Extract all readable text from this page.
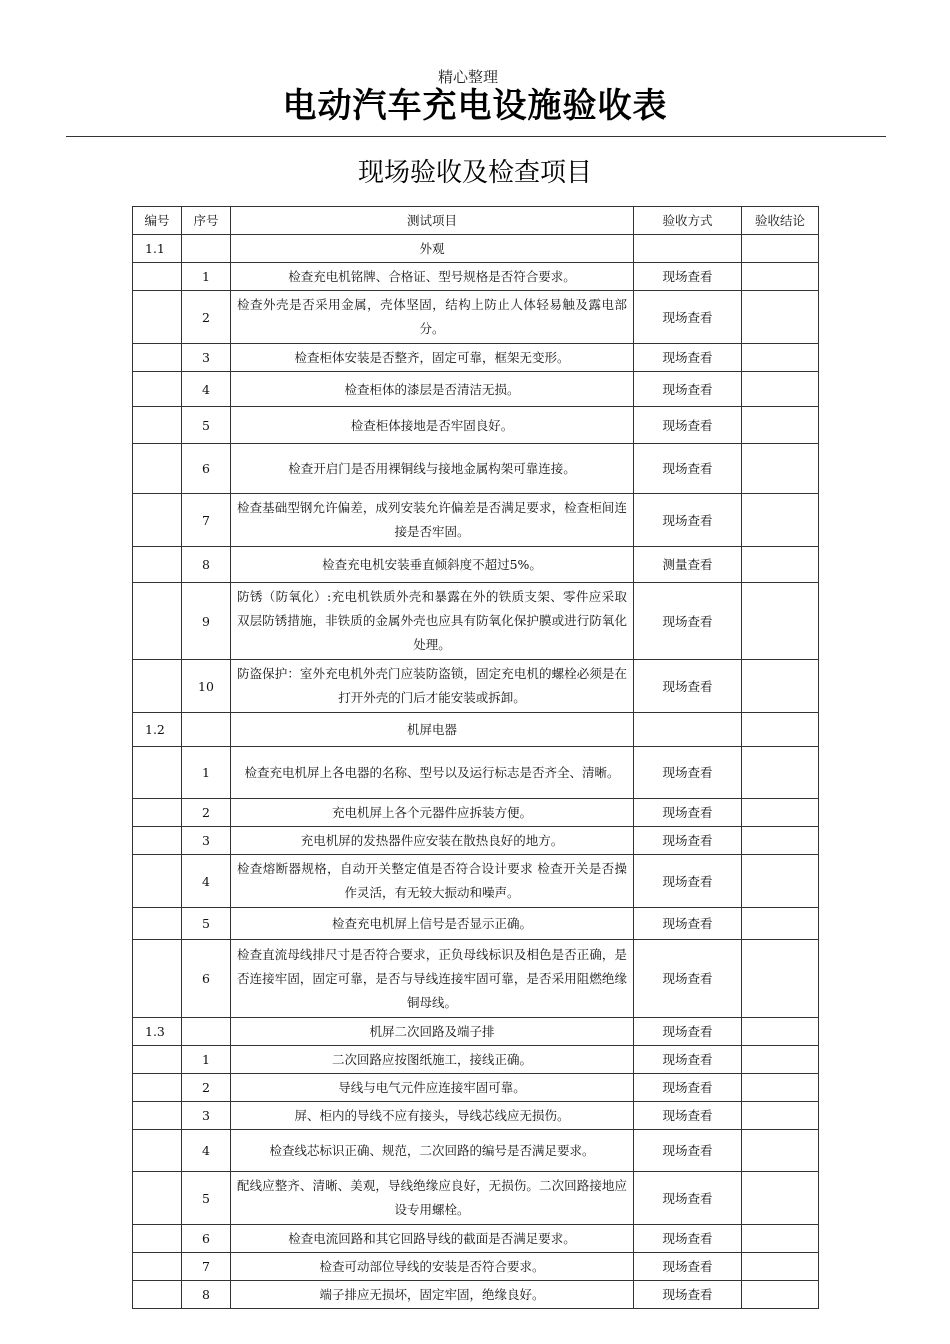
精心整理
电动汽车充电设施验收表
现场验收及检查项目
编号	序号	测试项目	验收方式	验收结论
1.1		外观		
	1	检查充电机铭牌、合格证、型号规格是否符合要求。	现场查看	
	2	检查外壳是否采用金属，壳体坚固，结构上防止人体轻易触及露电部分。	现场查看	
	3	检查柜体安装是否整齐，固定可靠，框架无变形。	现场查看	
	4	检查柜体的漆层是否清洁无损。	现场查看	
	5	检查柜体接地是否牢固良好。	现场查看	
	6	检查开启门是否用裸铜线与接地金属构架可靠连接。	现场查看	
	7	检查基础型钢允许偏差，成列安装允许偏差是否满足要求，检查柜间连接是否牢固。	现场查看	
	8	检查充电机安装垂直倾斜度不超过5%。	测量查看	
	9	防锈（防氧化）:充电机铁质外壳和暴露在外的铁质支架、零件应采取双层防锈措施，非铁质的金属外壳也应具有防氧化保护膜或进行防氧化处理。	现场查看	
	10	防盗保护：室外充电机外壳门应装防盗锁，固定充电机的螺栓必须是在打开外壳的门后才能安装或拆卸。	现场查看	
1.2		机屏电器		
	1	检查充电机屏上各电器的名称、型号以及运行标志是否齐全、清晰。	现场查看	
	2	充电机屏上各个元器件应拆装方便。	现场查看	
	3	充电机屏的发热器件应安装在散热良好的地方。	现场查看	
	4	检查熔断器规格，自动开关整定值是否符合设计要求 检查开关是否操作灵活，有无较大振动和噪声。	现场查看	
	5	检查充电机屏上信号是否显示正确。	现场查看	
	6	检查直流母线排尺寸是否符合要求，正负母线标识及相色是否正确，是否连接牢固，固定可靠，是否与导线连接牢固可靠，是否采用阻燃绝缘铜母线。	现场查看	
1.3		机屏二次回路及端子排	现场查看	
	1	二次回路应按图纸施工，接线正确。	现场查看	
	2	导线与电气元件应连接牢固可靠。	现场查看	
	3	屏、柜内的导线不应有接头，导线芯线应无损伤。	现场查看	
	4	检查线芯标识正确、规范，二次回路的编号是否满足要求。	现场查看	
	5	配线应整齐、清晰、美观，导线绝缘应良好，无损伤。二次回路接地应设专用螺栓。	现场查看	
	6	检查电流回路和其它回路导线的截面是否满足要求。	现场查看	
	7	检查可动部位导线的安装是否符合要求。	现场查看	
	8	端子排应无损坏，固定牢固，绝缘良好。	现场查看	
